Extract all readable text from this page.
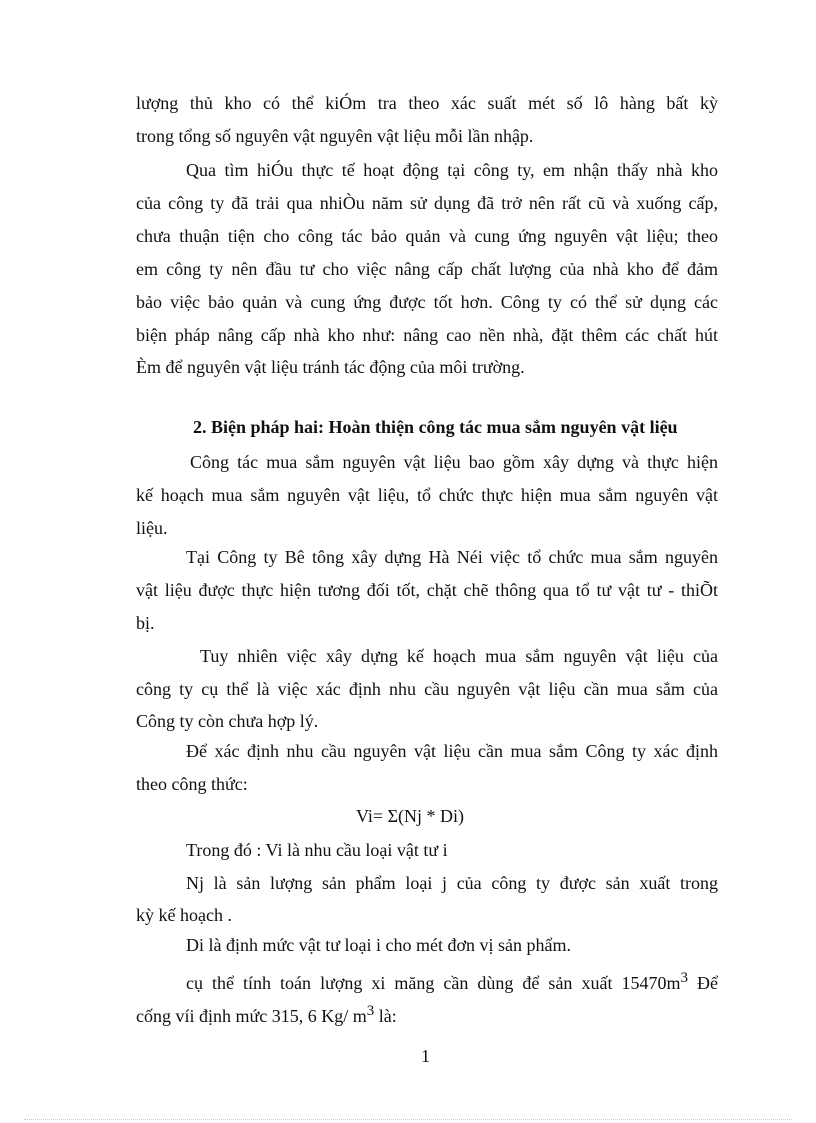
lượng thủ kho có thể kiÓm tra theo xác suất mét số lô hàng bất kỳ
trong tổng số nguyên vật nguyên vật liệu mỗi lần nhập.
Qua tìm hiÓu thực tế hoạt động tại công ty, em nhận thấy nhà kho
của công ty đã trải qua nhiÒu năm sử dụng đã trở nên rất cũ và xuống cấp,
chưa thuận tiện cho công tác bảo quản và cung ứng nguyên vật liệu; theo
em công ty nên đầu tư cho việc nâng cấp chất lượng của nhà kho để đảm
bảo việc bảo quản và cung ứng được tốt hơn. Công ty có thể sử dụng các
biện pháp nâng cấp nhà kho như: nâng cao nền nhà, đặt thêm các chất hút
Èm để nguyên vật liệu tránh tác động của môi trường.
2. Biện pháp hai: Hoàn thiện công tác mua sắm nguyên vật liệu
Công tác mua sắm nguyên vật liệu bao gồm xây dựng và thực hiện
kế hoạch mua sắm nguyên vật liệu, tổ chức thực hiện mua sắm nguyên vật
liệu.
Tại Công ty Bê tông xây dựng Hà Néi việc tổ chức mua sắm nguyên
vật liệu được thực hiện tương đối tốt, chặt chẽ thông qua tổ tư vật tư - thiÕt
bị.
Tuy nhiên việc xây dựng kế hoạch mua sắm nguyên vật liệu của
công ty cụ thể là việc xác định nhu cầu nguyên vật liệu cần mua sắm của
Công ty còn chưa hợp lý.
Để xác định nhu cầu nguyên vật liệu cần mua sắm Công ty xác định
theo công thức:
Vi= Σ(Nj * Di)
Trong đó : Vi là nhu cầu loại vật tư i
Nj là sản lượng sản phẩm loại j của công ty được sản xuất trong
kỳ kế hoạch .
Di là định mức vật tư loại i cho mét đơn vị sản phẩm.
cụ thể tính toán lượng xi măng cần dùng để sản xuất $15470m^3$ Ðể
cống víi định mức 315, 6 Kg/ $m^3$ là:
1
